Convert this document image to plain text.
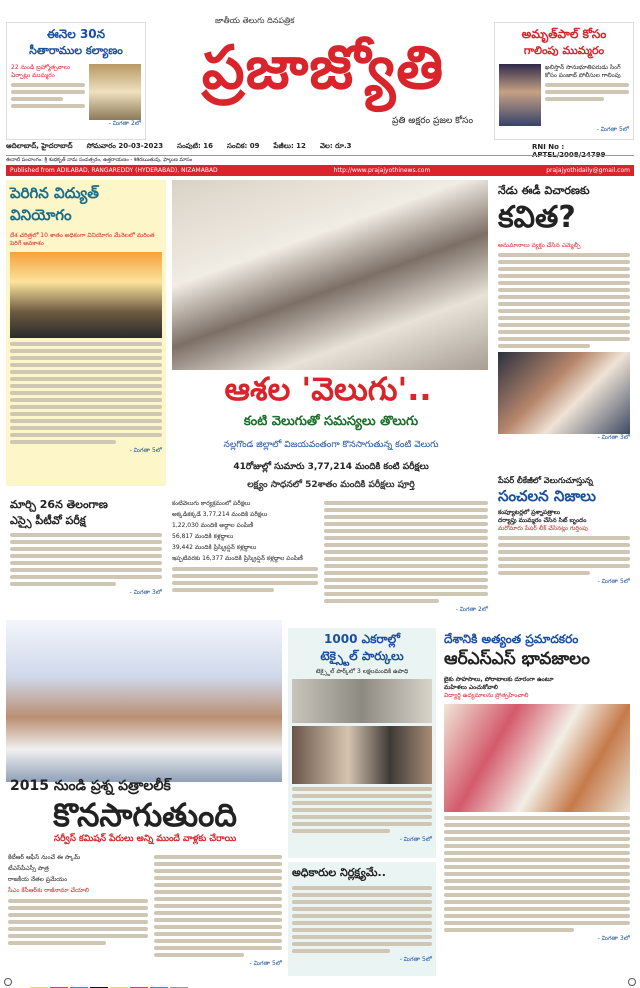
ఈనెల 30న
సీతారాముల కల్యాణం
22 నుండి బ్రహ్మోత్సవాలు ఏర్పాట్లు ముమ్మరం
- మిగతా 2లో
జాతీయ తెలుగు దినపత్రిక
ప్రజాజ్యోతి
ప్రతి అక్షరం ప్రజల కోసం
అమృత్‌పాల్ కోసం
గాలింపు ముమ్మరం
ఖలిస్తాన్ సానుభూతిపరుడు సింగ్ కోసం పంజాబ్ పోలీసుల గాలింపు
- మిగతా 5లో
RNI No : APTEL/2008/24799
ఆదిలాబాద్, హైదరాబాద్ సోమవారం 20-03-2023 సంపుటి: 16 సంచిక: 09 పేజీలు: 12 వెల: రూ.3
ఈనాటి పంచాంగం: శ్రీ శుభకృత్ నామ సంవత్సరం, ఉత్తరాయణం - శిశిరఋతువు, ఫాల్గుణ మాసం
Published from ADILABAD, RANGAREDDY (HYDERABAD), NIZAMABAD	http://www.prajajyothinews.com	prajajyothidaily@gmail.com
పెరిగిన విద్యుత్
వినియోగం
దేశ చరిత్రలో 10 శాతం అధికంగా వినియోగం మేనెలలో మరింత పెరిగే అవకాశం
- మిగతా 5లో
మార్చి 26న తెలంగాణ
ఎస్సై పీటీవో పరీక్ష
- మిగతా 3లో
ఆశల 'వెలుగు'..
కంటి వెలుగుతో సమస్యలు తొలుగు
నల్లగొండ జిల్లాలో విజయవంతంగా కొనసాగుతున్న కంటి వెలుగు
41రోజుల్లో సుమారు 3,77,214 మందికి కంటి పరీక్షలు
లక్ష్యం సాధనలో 52శాతం మందికి పరీక్షలు పూర్తి
కంటివెలుగు కార్యక్రమంలో పరీక్షలు
అక్కడికక్కడే 3,77,214 మందికి పరీక్షలు
1,22,030 మందికి అద్దాల పంపిణీ
56,817 మందికి కళ్లద్దాలు
39,442 మందికి ప్రిస్క్రిప్షన్ కళ్లద్దాలు
ఇప్పటివరకు 16,377 మందికి ప్రిస్క్రిప్షన్ కళ్లద్దాల పంపిణీ
- మిగతా 2లో
నేడు ఈడీ విచారణకు
కవిత?
అనుమానాలు వ్యక్తం చేసిన ఎమ్మెల్సీ
- మిగతా 3లో
పేపర్ లీకేజీలో వెలుగుచూస్తున్న
సంచలన నిజాలు
కంప్యూటర్లలో ప్రశ్నాపత్రాలు
దర్యాప్తు ముమ్మరం చేసిన సిట్ బృందం
మరోమారు పేపర్ లీక్ చేసినట్లు గుర్తింపు
- మిగతా 5లో
2015 నుండి ప్రశ్న పత్రాలలీక్
కొనసాగుతుంది
సర్వీస్ కమిషన్ పేరులు అన్ని ముందే వాళ్లకు చేరాయి
కేటీఆర్ ఆఫీస్ నుంచే ఈ స్కామ్
టీఎస్‌పీఎస్సీ పాత్ర
రాజకీయ నేతల ప్రమేయం
సీఎం కేసీఆర్‌కు రాజీనామా చేయాలి
- మిగతా 5లో
1000 ఎకరాల్లో
టెక్స్టైల్ పార్కులు
టెక్స్టైల్ పార్క్‌లో 3 లక్షలమందికి ఉపాధి
- మిగతా 5లో
అధికారుల నిర్లక్ష్యమే..
- మిగతా 5లో
దేశానికి అత్యంత ప్రమాదకరం
ఆర్ఎస్ఎస్ భావజాలం
బైకు సాహసాలు, పోరాటాలకు దూరంగా ఉంటూ
మహిళలు ఎంచుకోవాలి
విద్యార్థి ఉద్యమాలను ప్రోత్సహించాలి
- మిగతా 3లో
